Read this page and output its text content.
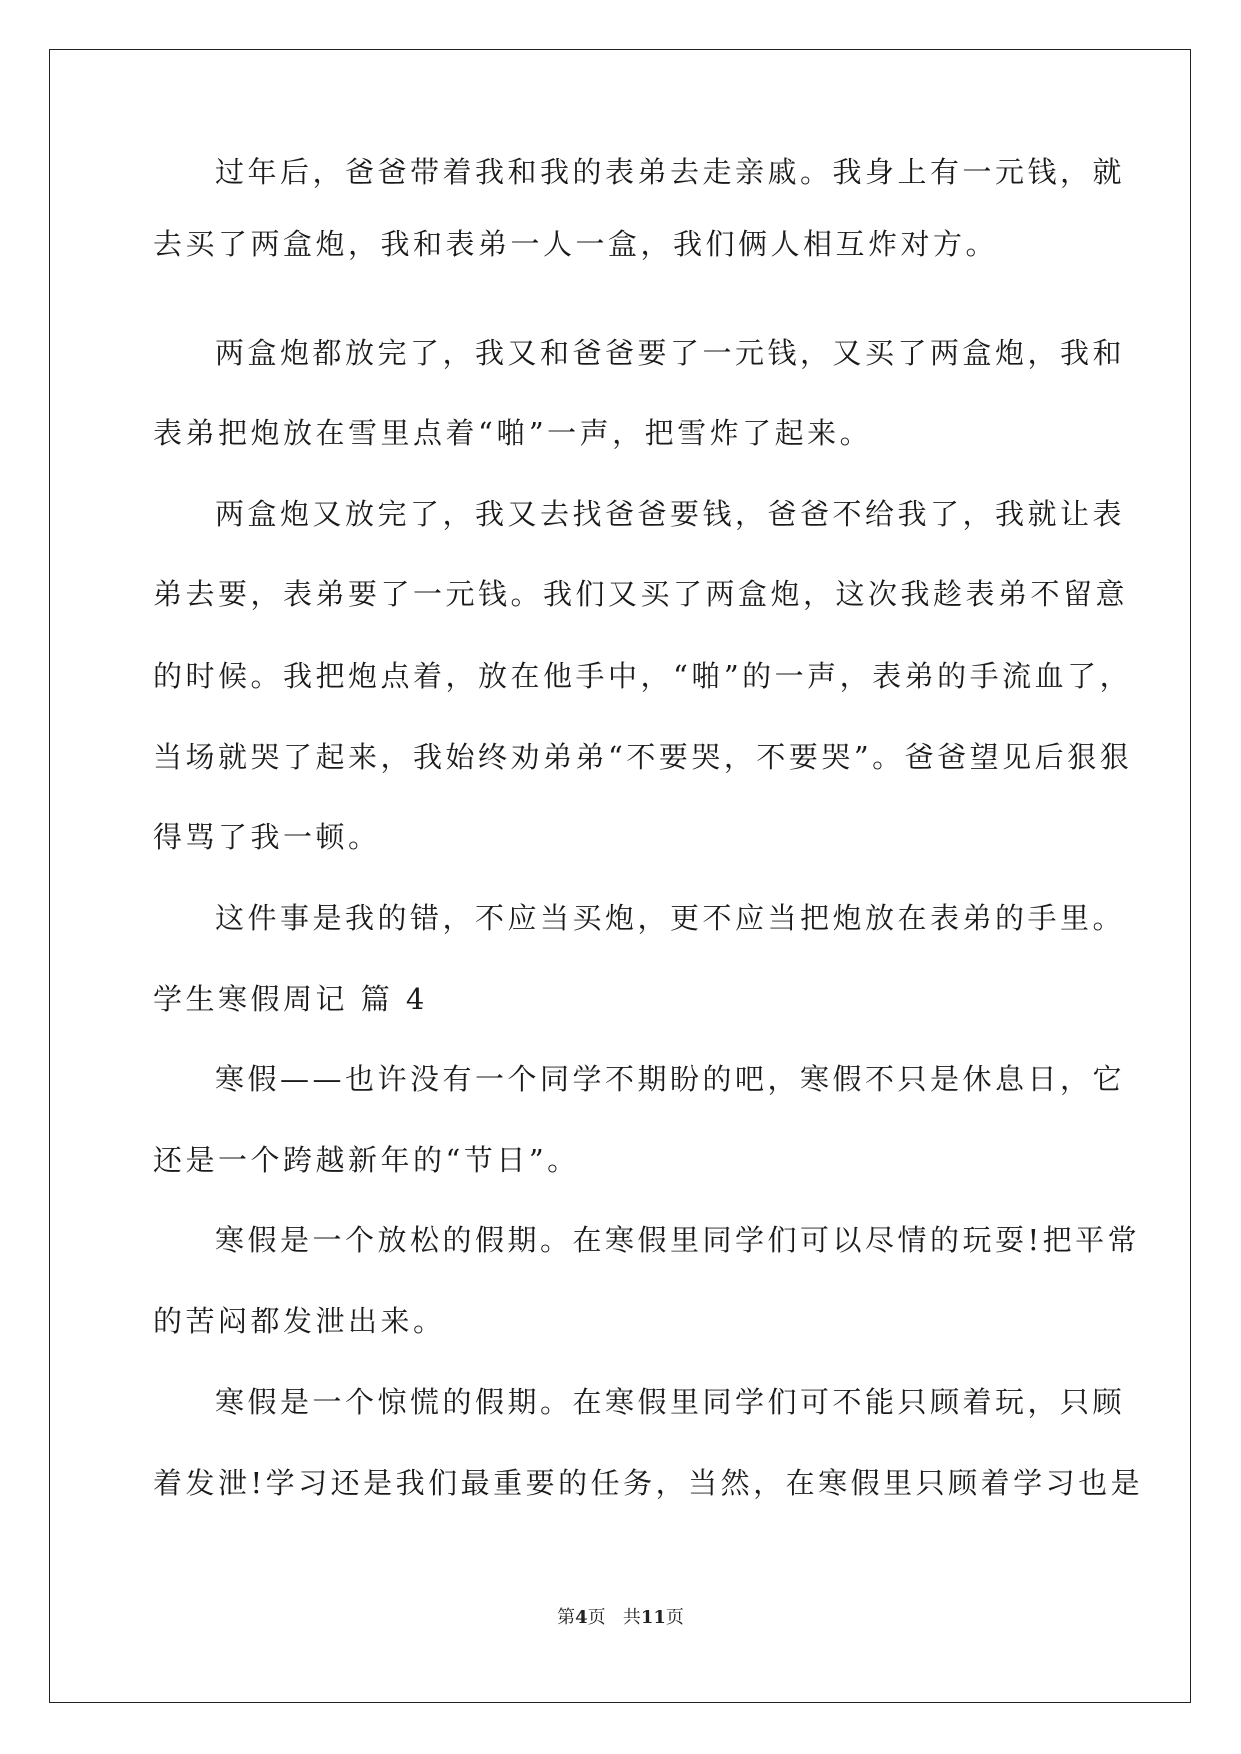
过年后，爸爸带着我和我的表弟去走亲戚。我身上有一元钱，就
去买了两盒炮，我和表弟一人一盒，我们俩人相互炸对方。
两盒炮都放完了，我又和爸爸要了一元钱，又买了两盒炮，我和
表弟把炮放在雪里点着“啪”一声，把雪炸了起来。
两盒炮又放完了，我又去找爸爸要钱，爸爸不给我了，我就让表
弟去要，表弟要了一元钱。我们又买了两盒炮，这次我趁表弟不留意
的时候。我把炮点着，放在他手中，“啪”的一声，表弟的手流血了，
当场就哭了起来，我始终劝弟弟“不要哭，不要哭”。爸爸望见后狠狠
得骂了我一顿。
这件事是我的错，不应当买炮，更不应当把炮放在表弟的手里。
学生寒假周记 篇 4
寒假——也许没有一个同学不期盼的吧，寒假不只是休息日，它
还是一个跨越新年的“节日”。
寒假是一个放松的假期。在寒假里同学们可以尽情的玩耍!把平常
的苦闷都发泄出来。
寒假是一个惊慌的假期。在寒假里同学们可不能只顾着玩，只顾
着发泄!学习还是我们最重要的任务，当然，在寒假里只顾着学习也是
第4页 共11页
